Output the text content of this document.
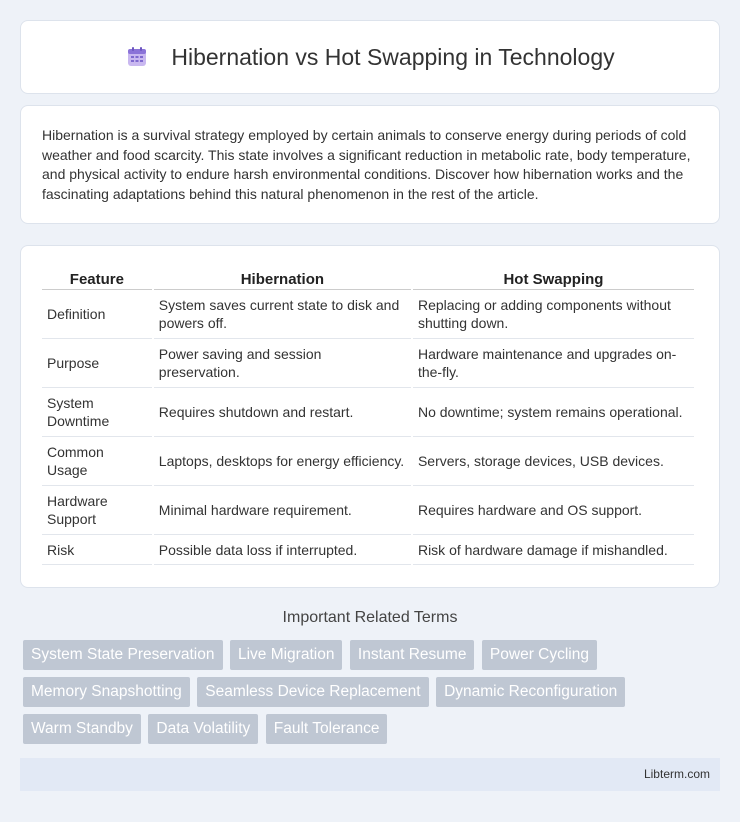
Hibernation vs Hot Swapping in Technology

Hibernation is a survival strategy employed by certain animals to conserve energy during periods of cold weather and food scarcity. This state involves a significant reduction in metabolic rate, body temperature, and physical activity to endure harsh environmental conditions. Discover how hibernation works and the fascinating adaptations behind this natural phenomenon in the rest of the article.

Feature	Hibernation	Hot Swapping
Definition	System saves current state to disk and powers off.	Replacing or adding components without shutting down.
Purpose	Power saving and session preservation.	Hardware maintenance and upgrades on-the-fly.
System Downtime	Requires shutdown and restart.	No downtime; system remains operational.
Common Usage	Laptops, desktops for energy efficiency.	Servers, storage devices, USB devices.
Hardware Support	Minimal hardware requirement.	Requires hardware and OS support.
Risk	Possible data loss if interrupted.	Risk of hardware damage if mishandled.
Important Related Terms
System State Preservation Live Migration Instant Resume Power Cycling Memory Snapshotting Seamless Device Replacement Dynamic Reconfiguration Warm Standby Data Volatility Fault Tolerance
Libterm.com
